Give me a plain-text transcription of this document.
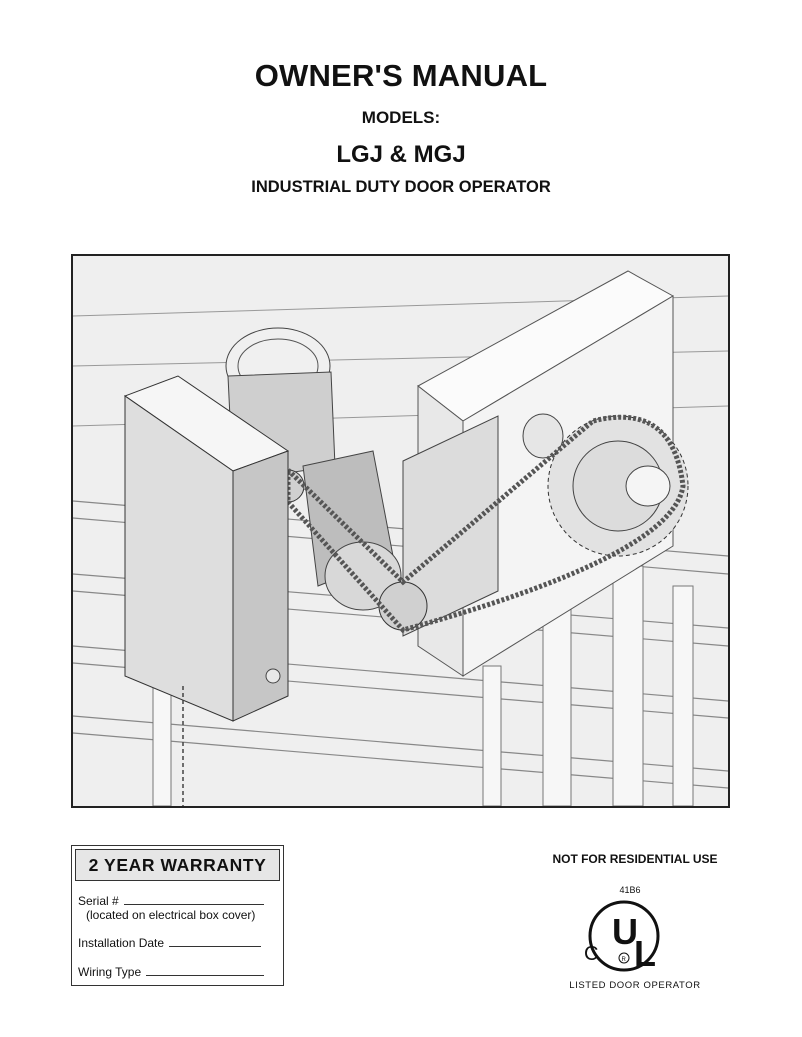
OWNER'S MANUAL
MODELS:
LGJ & MGJ
INDUSTRIAL DUTY DOOR OPERATOR
2 YEAR WARRANTY
Serial #
(located on electrical box cover)
Installation Date
Wiring Type
NOT FOR RESIDENTIAL USE
41B6
C
U
L
R
LISTED DOOR OPERATOR
